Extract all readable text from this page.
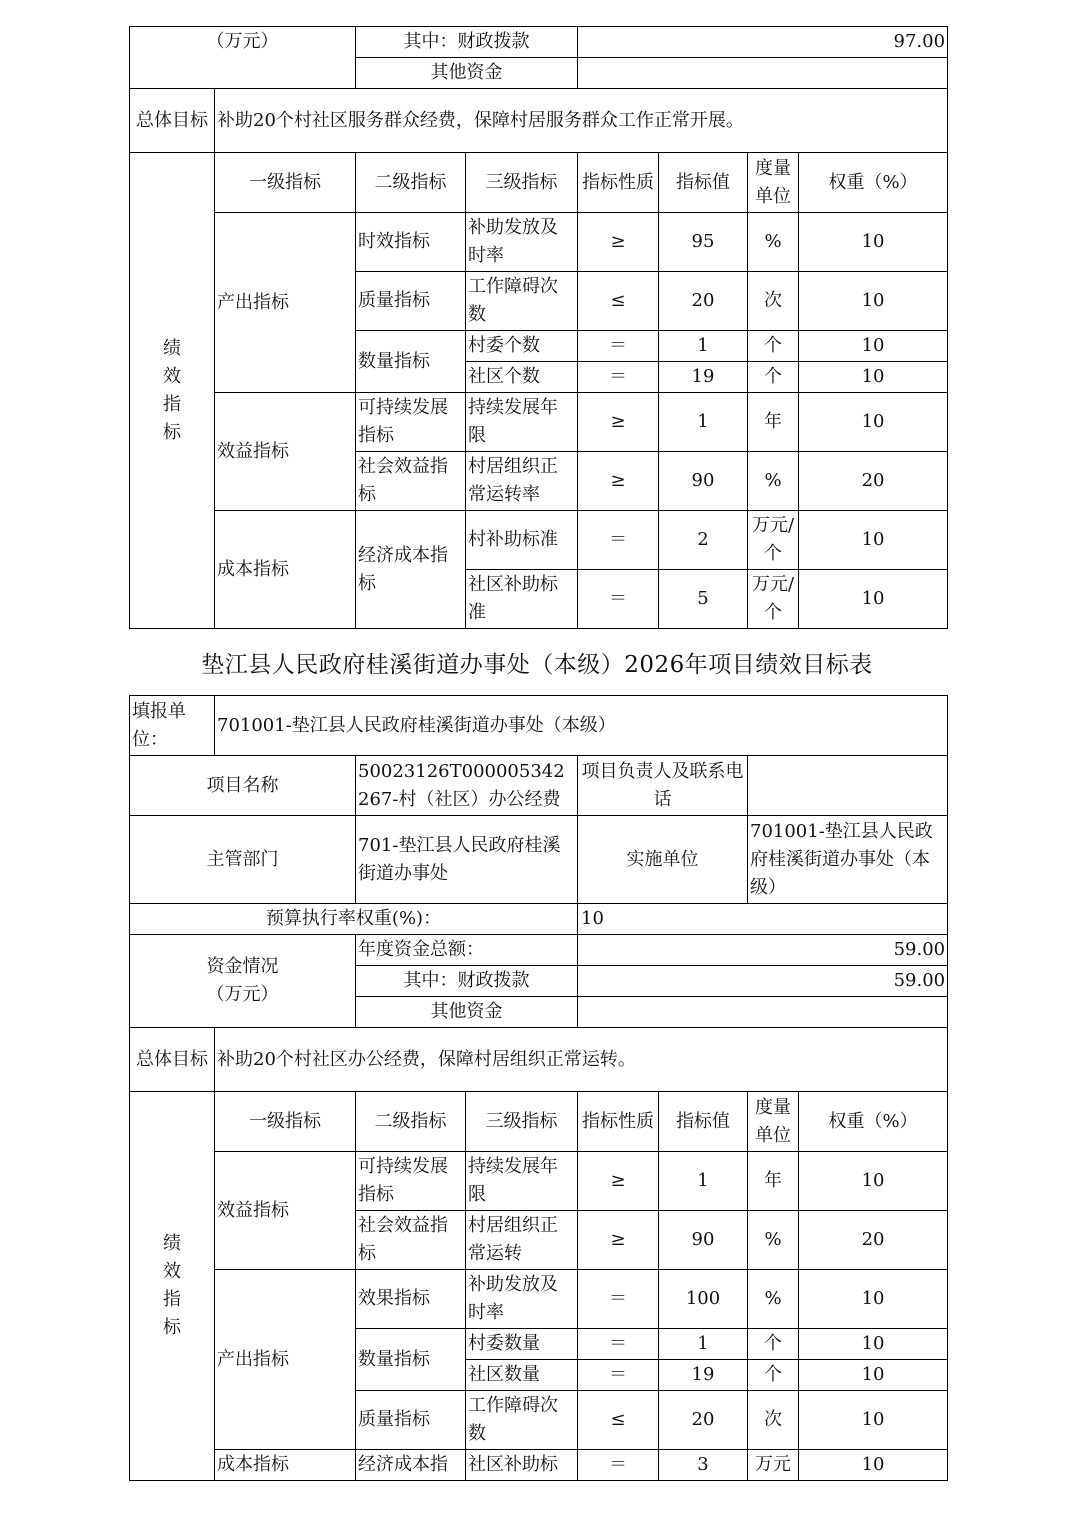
（万元）		其中：财政拨款		97.00			
		其他资金					
总体目标	补助20个村社区服务群众经费，保障村居服务群众工作正常开展。						
绩效指标	一级指标	二级指标	三级指标	指标性质	指标值	度量单位	权重（%）
	产出指标	时效指标	补助发放及时率	≥	95	%	10
		质量指标	工作障碍次数	≤	20	次	10
		数量指标	村委个数	＝	1	个	10
			社区个数	＝	19	个	10
	效益指标	可持续发展指标	持续发展年限	≥	1	年	10
		社会效益指标	村居组织正常运转率	≥	90	%	20
	成本指标	经济成本指标	村补助标准	＝	2	万元/个	10
			社区补助标准	＝	5	万元/个	10
垫江县人民政府桂溪街道办事处（本级）2026年项目绩效目标表
填报单位：	701001-垫江县人民政府桂溪街道办事处（本级）						
项目名称		50023126T000005342267-村（社区）办公经费		项目负责人及联系电话			
主管部门		701-垫江县人民政府桂溪街道办事处		实施单位		701001-垫江县人民政府桂溪街道办事处（本级）	
预算执行率权重(%)：				10			
资金情况（万元）		年度资金总额：		59.00			
		其中：财政拨款		59.00			
		其他资金					
总体目标	补助20个村社区办公经费，保障村居组织正常运转。						
绩效指标	一级指标	二级指标	三级指标	指标性质	指标值	度量单位	权重（%）
	效益指标	可持续发展指标	持续发展年限	≥	1	年	10
		社会效益指标	村居组织正常运转	≥	90	%	20
	产出指标	效果指标	补助发放及时率	＝	100	%	10
		数量指标	村委数量	＝	1	个	10
			社区数量	＝	19	个	10
		质量指标	工作障碍次数	≤	20	次	10
	成本指标	经济成本指	社区补助标	＝	3	万元	10
